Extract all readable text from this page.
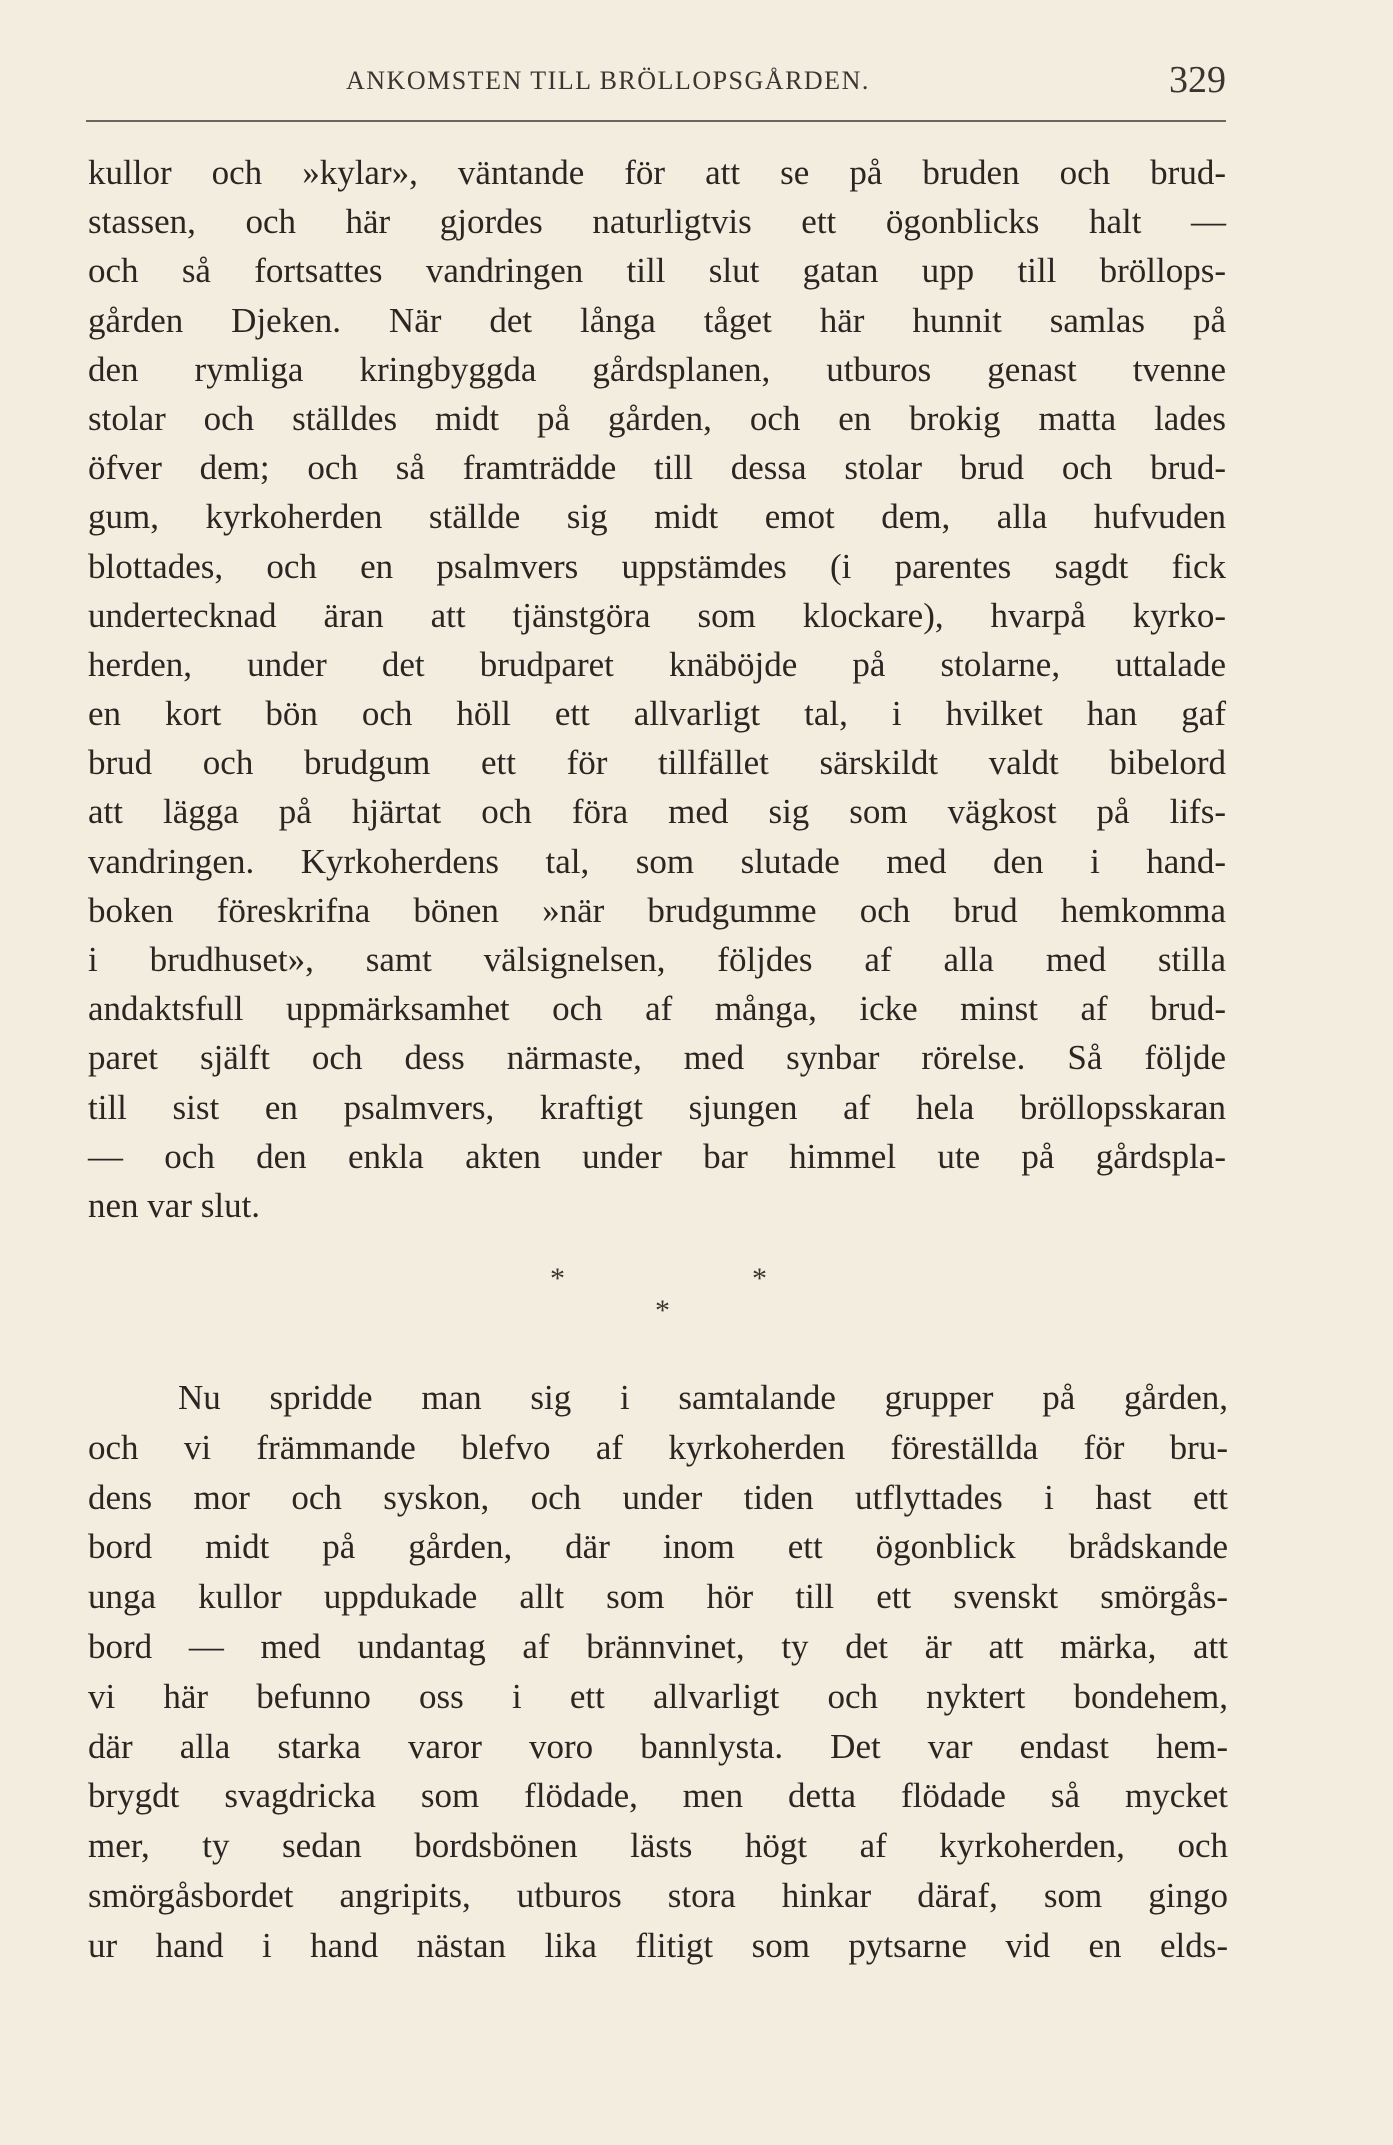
ANKOMSTEN TILL BRÖLLOPSGÅRDEN.	329
kullor och »kylar», väntande för att se på bruden och brud-
stassen, och här gjordes naturligtvis ett ögonblicks halt —
och så fortsattes vandringen till slut gatan upp till bröllops-
gården Djeken. När det långa tåget här hunnit samlas på
den rymliga kringbyggda gårdsplanen, utburos genast tvenne
stolar och ställdes midt på gården, och en brokig matta lades
öfver dem; och så framträdde till dessa stolar brud och brud-
gum, kyrkoherden ställde sig midt emot dem, alla hufvuden
blottades, och en psalmvers uppstämdes (i parentes sagdt fick
undertecknad äran att tjänstgöra som klockare), hvarpå kyrko-
herden, under det brudparet knäböjde på stolarne, uttalade
en kort bön och höll ett allvarligt tal, i hvilket han gaf
brud och brudgum ett för tillfället särskildt valdt bibelord
att lägga på hjärtat och föra med sig som vägkost på lifs-
vandringen. Kyrkoherdens tal, som slutade med den i hand-
boken föreskrifna bönen »när brudgumme och brud hemkomma
i brudhuset», samt välsignelsen, följdes af alla med stilla
andaktsfull uppmärksamhet och af många, icke minst af brud-
paret själft och dess närmaste, med synbar rörelse. Så följde
till sist en psalmvers, kraftigt sjungen af hela bröllopsskaran
— och den enkla akten under bar himmel ute på gårdspla-
nen var slut.
*	*
*
Nu spridde man sig i samtalande grupper på gården,
och vi främmande blefvo af kyrkoherden föreställda för bru-
dens mor och syskon, och under tiden utflyttades i hast ett
bord midt på gården, där inom ett ögonblick brådskande
unga kullor uppdukade allt som hör till ett svenskt smörgås-
bord — med undantag af brännvinet, ty det är att märka, att
vi här befunno oss i ett allvarligt och nyktert bondehem,
där alla starka varor voro bannlysta. Det var endast hem-
brygdt svagdricka som flödade, men detta flödade så mycket
mer, ty sedan bordsbönen lästs högt af kyrkoherden, och
smörgåsbordet angripits, utburos stora hinkar däraf, som gingo
ur hand i hand nästan lika flitigt som pytsarne vid en elds-
